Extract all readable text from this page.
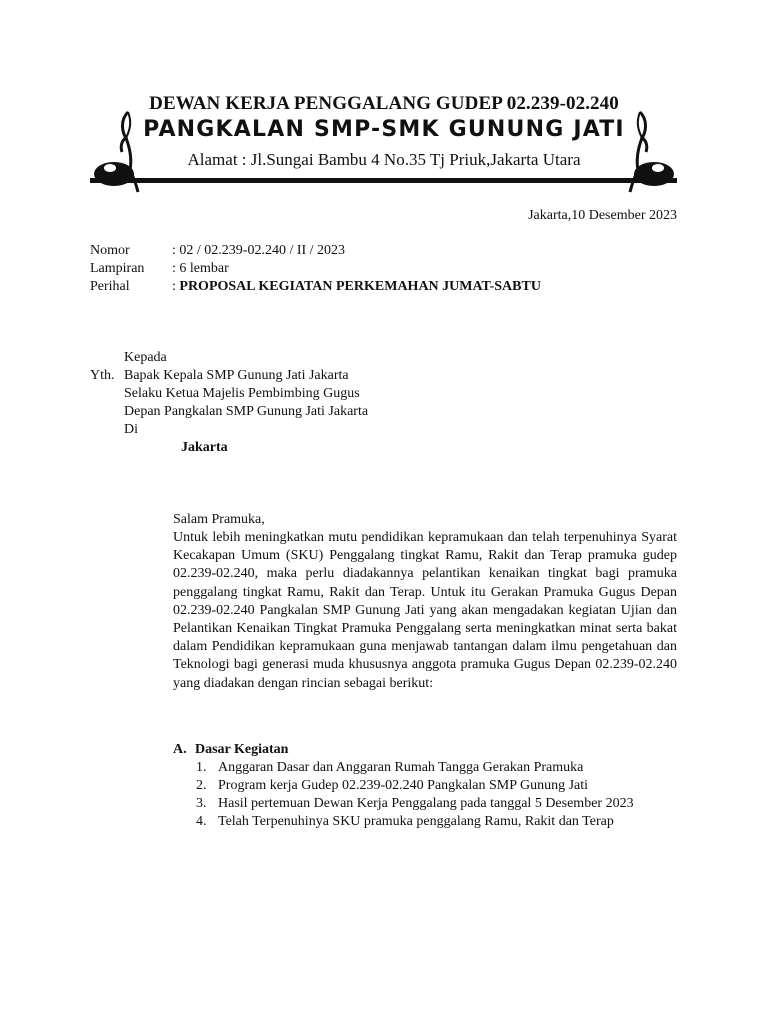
DEWAN KERJA PENGGALANG GUDEP 02.239-02.240
PANGKALAN SMP-SMK GUNUNG JATI
Alamat : Jl.Sungai Bambu 4 No.35 Tj Priuk,Jakarta Utara
Jakarta,10 Desember 2023
Nomor	: 02 / 02.239-02.240 / II / 2023
Lampiran : 6 lembar
Perihal	: PROPOSAL KEGIATAN PERKEMAHAN JUMAT-SABTU
Kepada
Yth. Bapak Kepala SMP Gunung Jati Jakarta
Selaku Ketua Majelis Pembimbing Gugus
Depan Pangkalan SMP Gunung Jati Jakarta
Di
Jakarta
Salam Pramuka,
Untuk lebih meningkatkan mutu pendidikan kepramukaan dan telah terpenuhinya Syarat Kecakapan Umum (SKU) Penggalang tingkat Ramu, Rakit dan Terap pramuka gudep 02.239-02.240, maka perlu diadakannya pelantikan kenaikan tingkat bagi pramuka penggalang tingkat Ramu, Rakit dan Terap. Untuk itu Gerakan Pramuka Gugus Depan 02.239-02.240 Pangkalan SMP Gunung Jati yang akan mengadakan kegiatan Ujian dan Pelantikan Kenaikan Tingkat Pramuka Penggalang serta meningkatkan minat serta bakat dalam Pendidikan kepramukaan guna menjawab tantangan dalam ilmu pengetahuan dan Teknologi bagi generasi muda khususnya anggota pramuka Gugus Depan 02.239-02.240 yang diadakan dengan rincian sebagai berikut:
A. Dasar Kegiatan
1. Anggaran Dasar dan Anggaran Rumah Tangga Gerakan Pramuka
2. Program kerja Gudep 02.239-02.240 Pangkalan SMP Gunung Jati
3. Hasil pertemuan Dewan Kerja Penggalang pada tanggal 5 Desember 2023
4. Telah Terpenuhinya SKU pramuka penggalang Ramu, Rakit dan Terap
